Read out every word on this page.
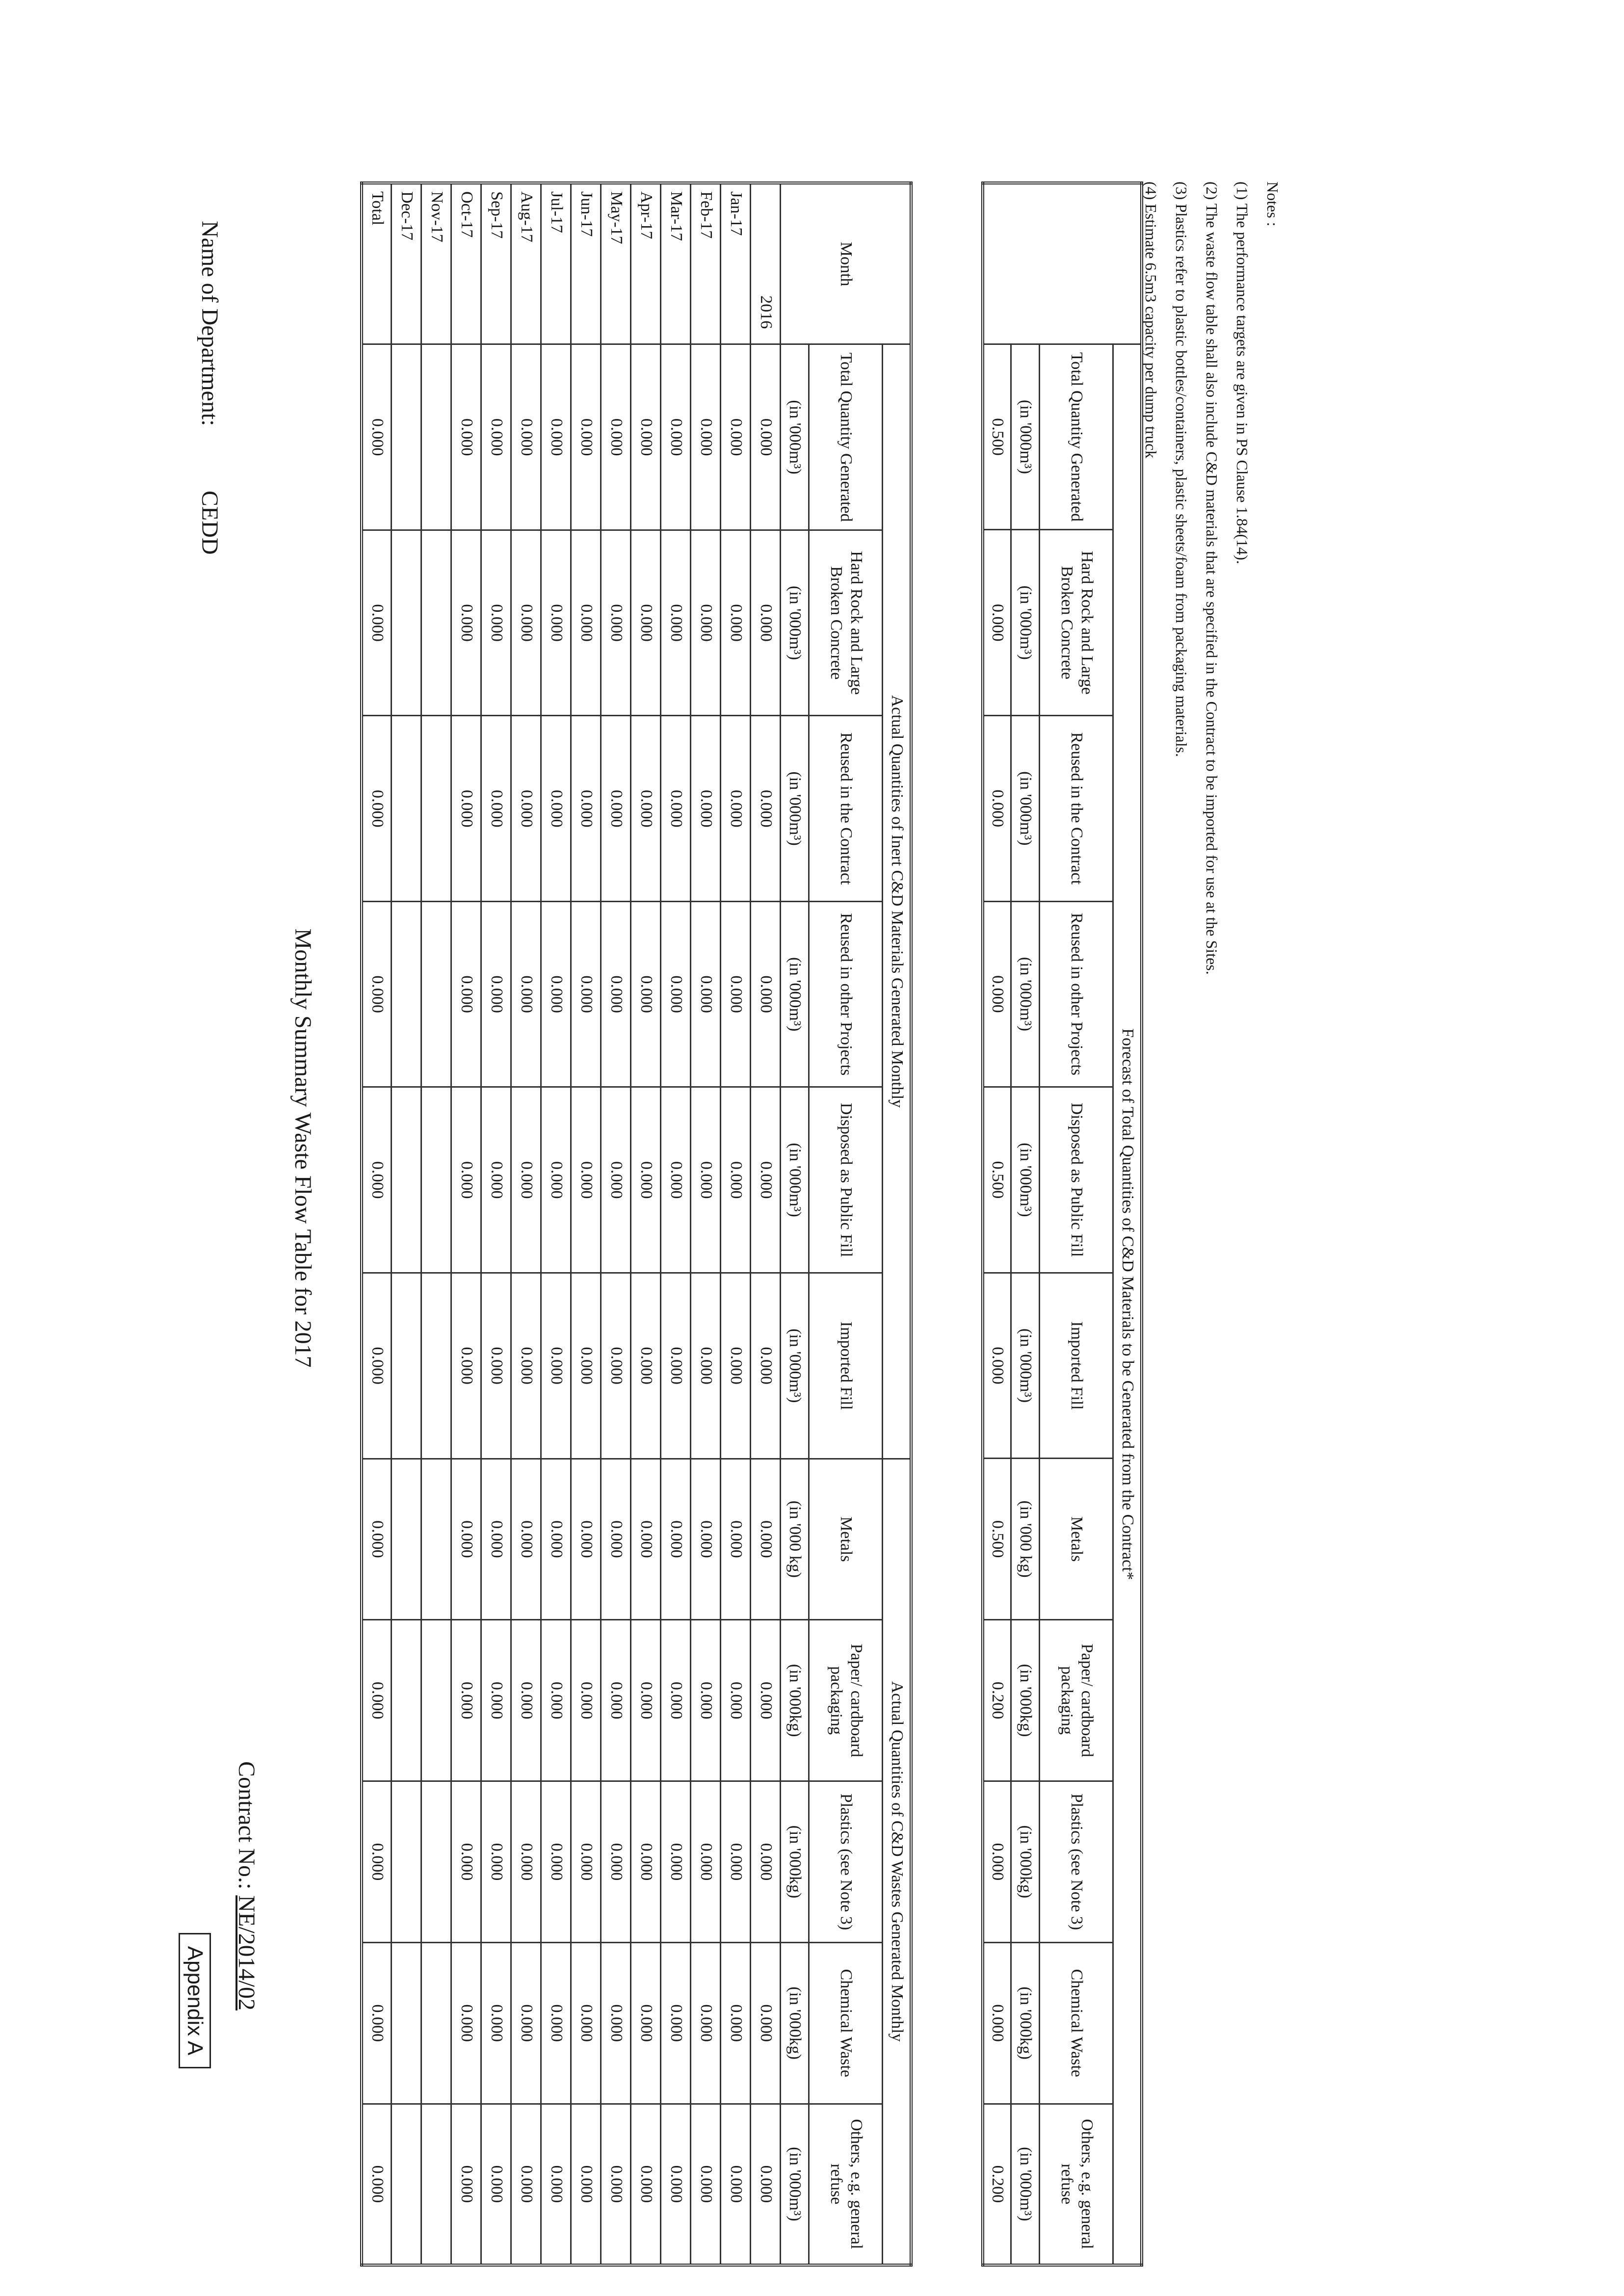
Name of Department:
CEDD
Monthly Summary Waste Flow Table for 2017
Contract No.: NE/2014/02
Appendix A
Month	Actual Quantities of Inert C&D Materials Generated Monthly						Actual Quantities of C&D Wastes Generated Monthly				
	Total Quantity Generated	Hard Rock and Large Broken Concrete	Reused in the Contract	Reused in other Projects	Disposed as Public Fill	Imported Fill	Metals	Paper/ cardboard packaging	Plastics (see Note 3)	Chemical Waste	Others, e.g. general refuse
	(in '000m³)	(in '000m³)	(in '000m³)	(in '000m³)	(in '000m³)	(in '000m³)	(in '000 kg)	(in '000kg)	(in '000kg)	(in '000kg)	(in '000m³)
2016	0.000	0.000	0.000	0.000	0.000	0.000	0.000	0.000	0.000	0.000	0.000
Jan-17	0.000	0.000	0.000	0.000	0.000	0.000	0.000	0.000	0.000	0.000	0.000
Feb-17	0.000	0.000	0.000	0.000	0.000	0.000	0.000	0.000	0.000	0.000	0.000
Mar-17	0.000	0.000	0.000	0.000	0.000	0.000	0.000	0.000	0.000	0.000	0.000
Apr-17	0.000	0.000	0.000	0.000	0.000	0.000	0.000	0.000	0.000	0.000	0.000
May-17	0.000	0.000	0.000	0.000	0.000	0.000	0.000	0.000	0.000	0.000	0.000
Jun-17	0.000	0.000	0.000	0.000	0.000	0.000	0.000	0.000	0.000	0.000	0.000
Jul-17	0.000	0.000	0.000	0.000	0.000	0.000	0.000	0.000	0.000	0.000	0.000
Aug-17	0.000	0.000	0.000	0.000	0.000	0.000	0.000	0.000	0.000	0.000	0.000
Sep-17	0.000	0.000	0.000	0.000	0.000	0.000	0.000	0.000	0.000	0.000	0.000
Oct-17	0.000	0.000	0.000	0.000	0.000	0.000	0.000	0.000	0.000	0.000	0.000
Nov-17											
Dec-17											
Total	0.000	0.000	0.000	0.000	0.000	0.000	0.000	0.000	0.000	0.000	0.000
	Forecast of Total Quantities of C&D Materials to be Generated from the Contract*										
	Total Quantity Generated	Hard Rock and Large Broken Concrete	Reused in the Contract	Reused in other Projects	Disposed as Public Fill	Imported Fill	Metals	Paper/ cardboard packaging	Plastics (see Note 3)	Chemical Waste	Others, e.g. general refuse
	(in '000m³)	(in '000m³)	(in '000m³)	(in '000m³)	(in '000m³)	(in '000m³)	(in '000 kg)	(in '000kg)	(in '000kg)	(in '000kg)	(in '000m³)
	0.500	0.000	0.000	0.000	0.500	0.000	0.500	0.200	0.000	0.000	0.200
Notes :
(1) The performance targets are given in PS Clause 1.84(14).
(2) The waste flow table shall also include C&D materials that are specified in the Contract to be imported for use at the Sites.
(3) Plastics refer to plastic bottles/containers, plastic sheets/foam from packaging materials.
(4) Estimate 6.5m3 capacity per dump truck
